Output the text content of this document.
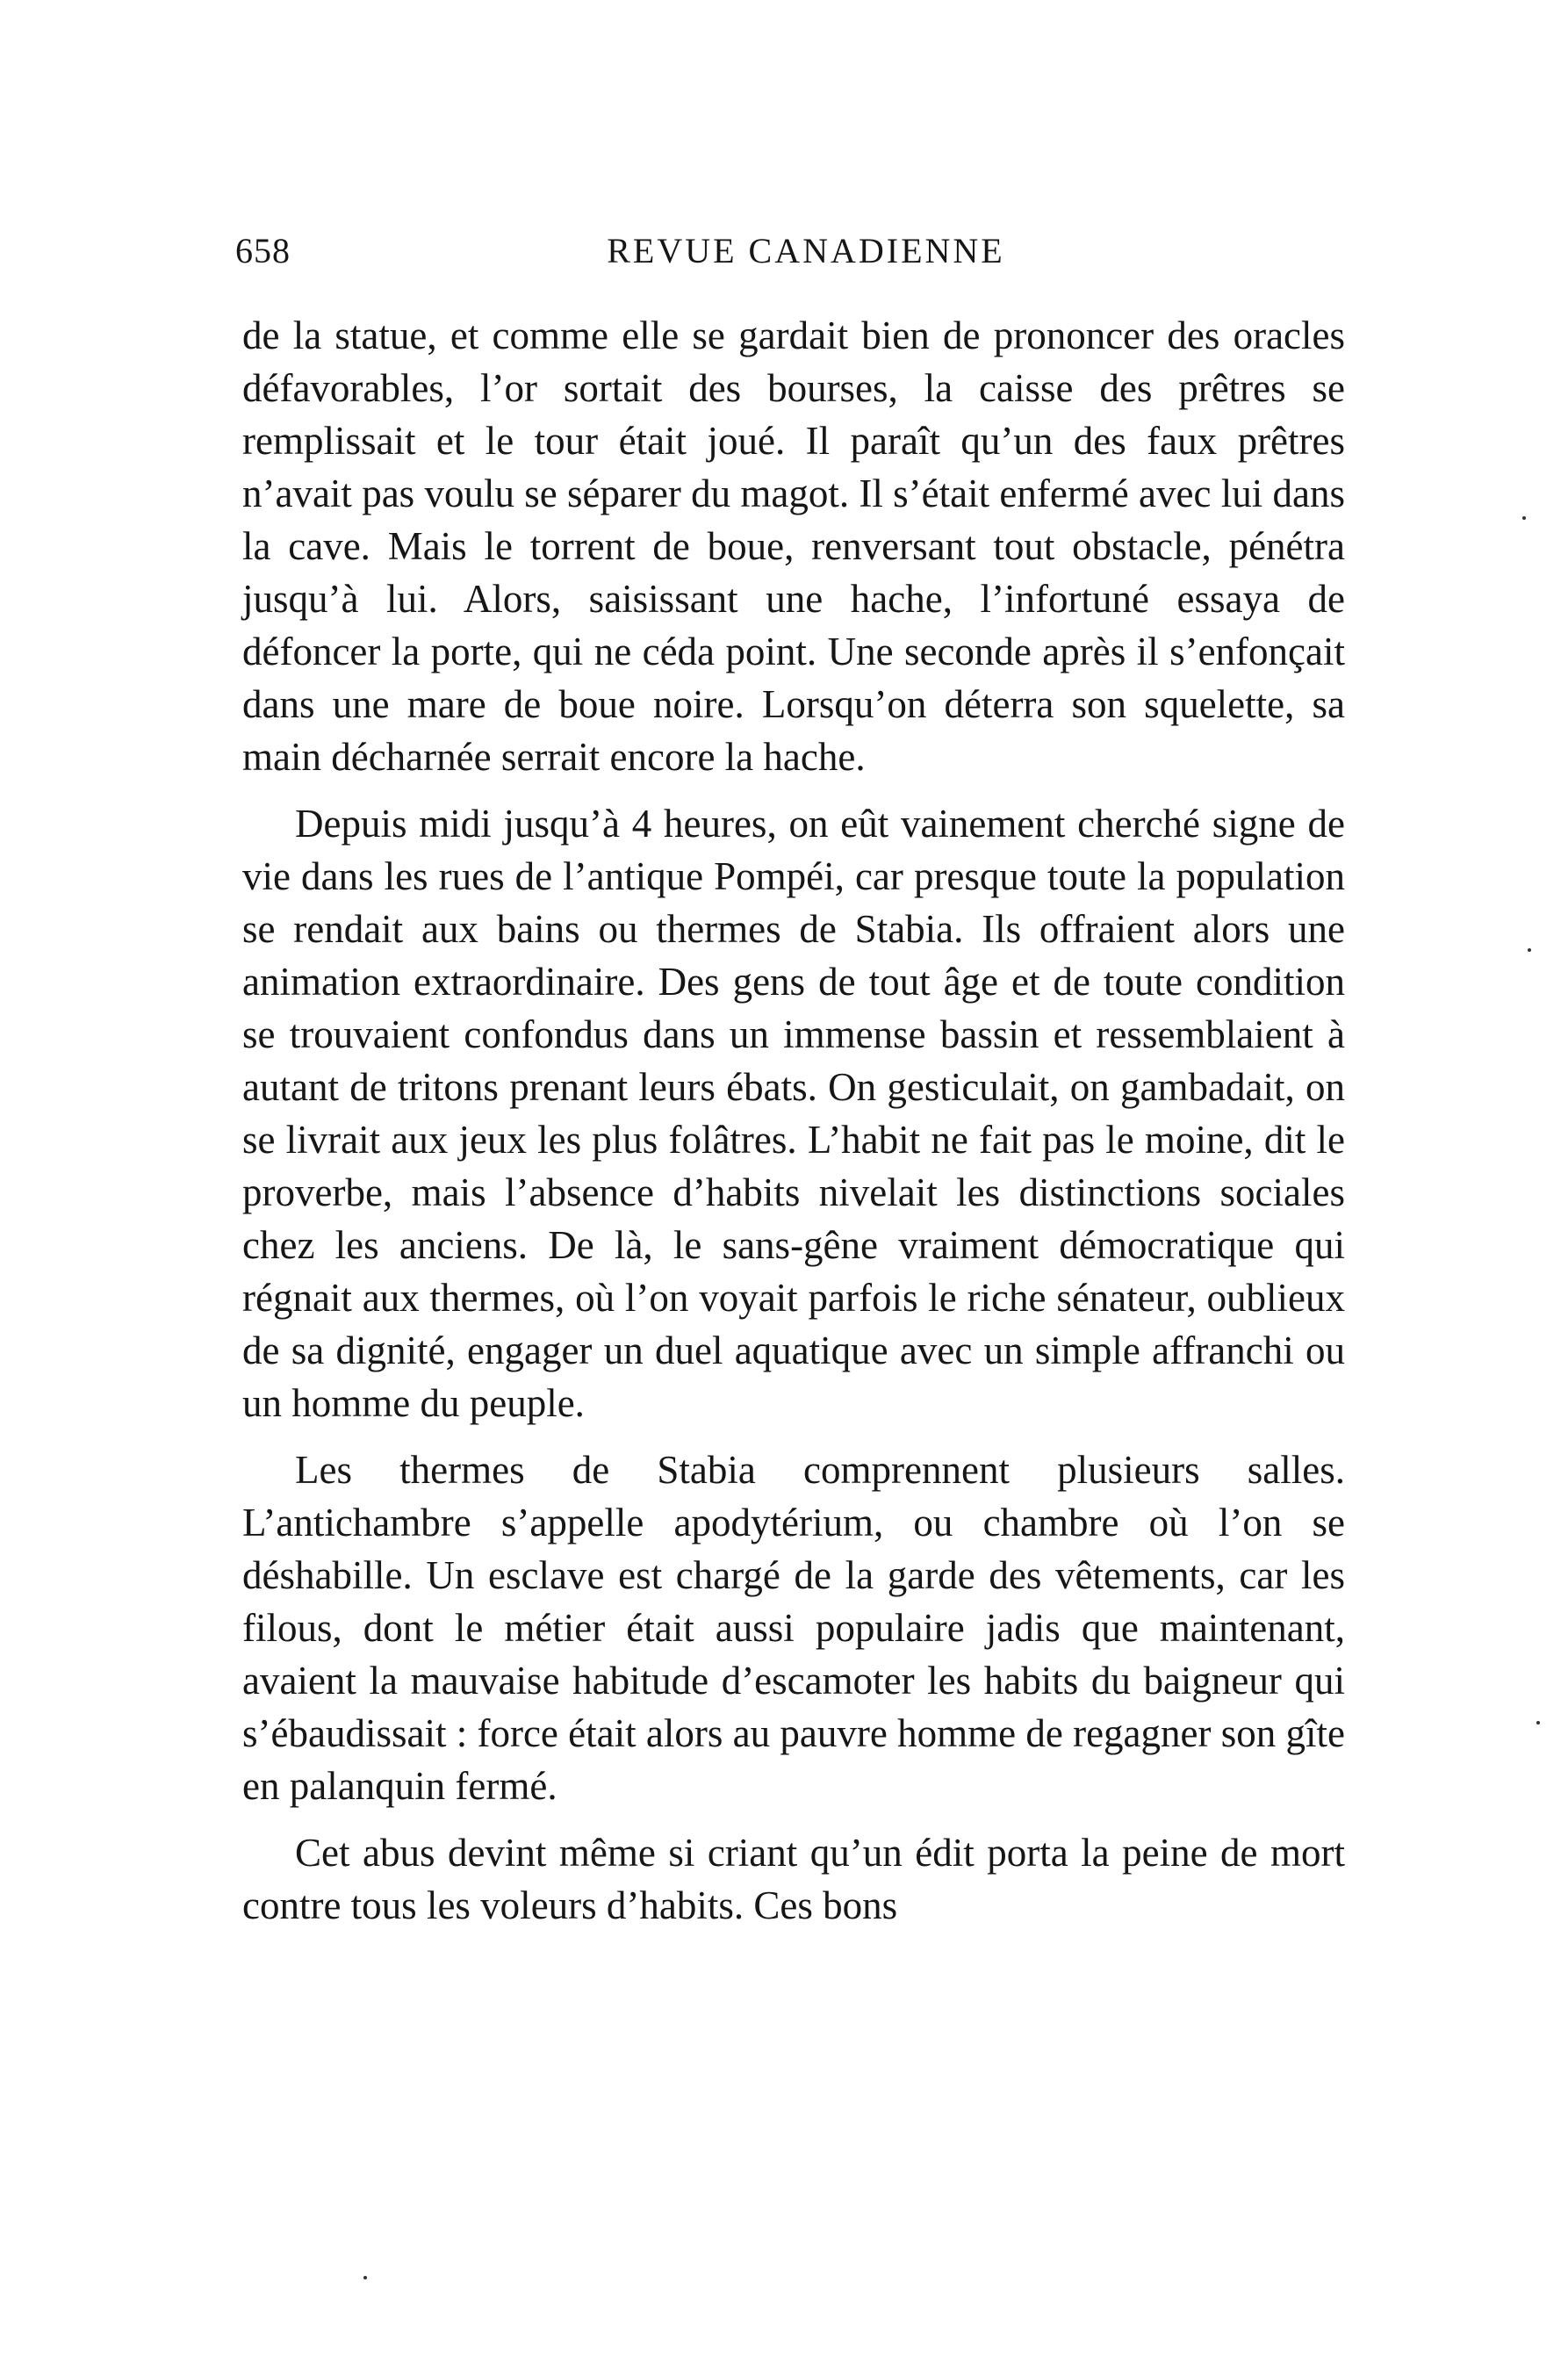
658	REVUE CANADIENNE

de la statue, et comme elle se gardait bien de prononcer des oracles défavorables, l’or sortait des bourses, la caisse des prêtres se remplissait et le tour était joué. Il paraît qu’un des faux prêtres n’avait pas voulu se séparer du magot. Il s’était enfermé avec lui dans la cave. Mais le torrent de boue, renversant tout obstacle, pénétra jusqu’à lui. Alors, saisissant une hache, l’infortuné essaya de défoncer la porte, qui ne céda point. Une seconde après il s’enfonçait dans une mare de boue noire. Lorsqu’on déterra son squelette, sa main décharnée serrait encore la hache.

Depuis midi jusqu’à 4 heures, on eût vainement cherché signe de vie dans les rues de l’antique Pompéi, car presque toute la population se rendait aux bains ou thermes de Stabia. Ils offraient alors une animation extraordinaire. Des gens de tout âge et de toute condition se trouvaient confondus dans un immense bassin et ressemblaient à autant de tritons prenant leurs ébats. On gesticulait, on gambadait, on se livrait aux jeux les plus folâtres. L’habit ne fait pas le moine, dit le proverbe, mais l’absence d’habits nivelait les distinctions sociales chez les anciens. De là, le sans-gêne vraiment démocratique qui régnait aux thermes, où l’on voyait parfois le riche sénateur, oublieux de sa dignité, engager un duel aquatique avec un simple affranchi ou un homme du peuple.

Les thermes de Stabia comprennent plusieurs salles. L’antichambre s’appelle apodytérium, ou chambre où l’on se déshabille. Un esclave est chargé de la garde des vêtements, car les filous, dont le métier était aussi populaire jadis que maintenant, avaient la mauvaise habitude d’escamoter les habits du baigneur qui s’ébaudissait : force était alors au pauvre homme de regagner son gîte en palanquin fermé.

Cet abus devint même si criant qu’un édit porta la peine de mort contre tous les voleurs d’habits. Ces bons
